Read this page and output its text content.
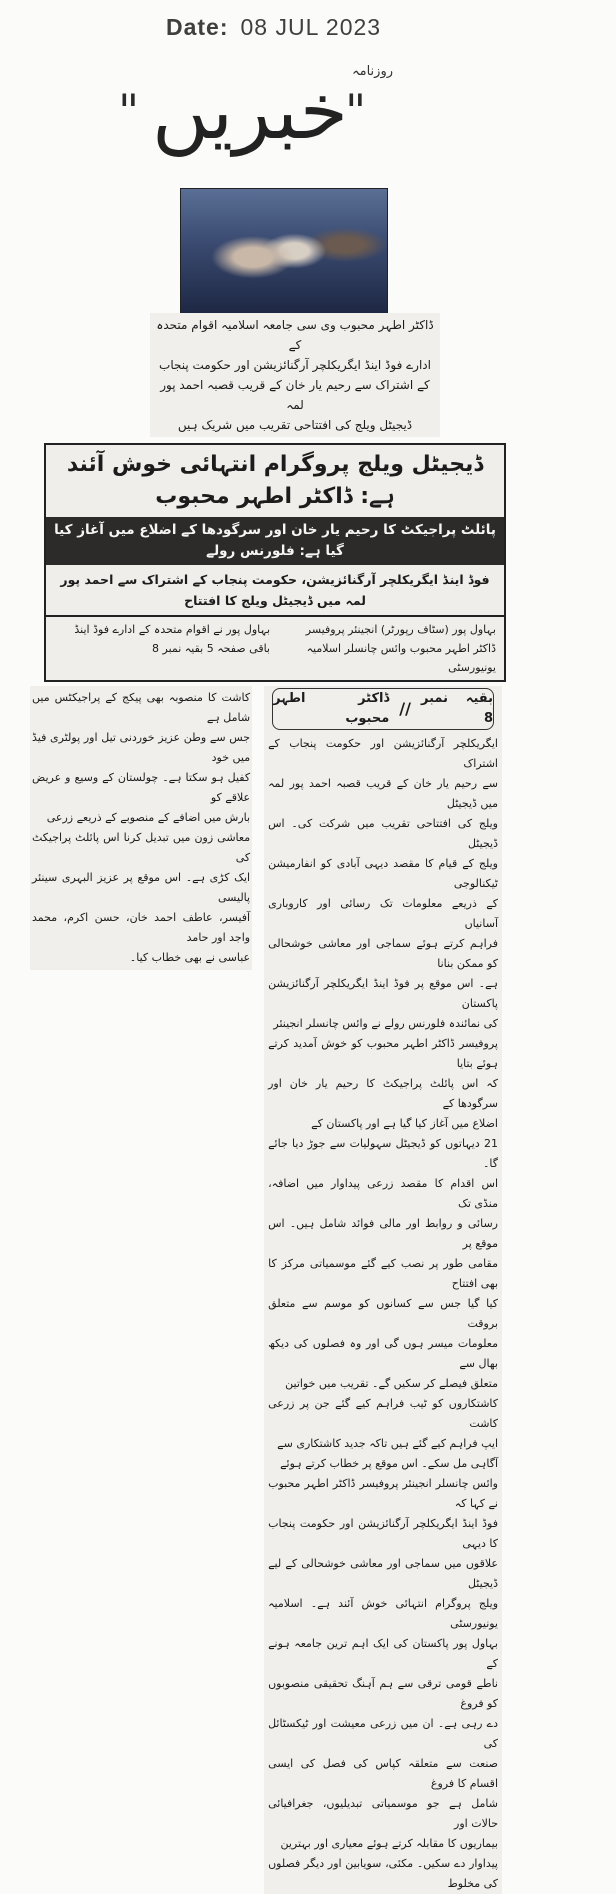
Date: 08 JUL 2023
" خبریں
"
روزنامہ
ڈاکٹر اطہر محبوب وی سی جامعہ اسلامیہ اقوام متحدہ کے
ادارے فوڈ اینڈ ایگریکلچر آرگنائزیشن اور حکومت پنجاب
کے اشتراک سے رحیم یار خان کے قریب قصبہ احمد پور لمہ
ڈیجیٹل ویلج کی افتتاحی تقریب میں شریک ہیں
ڈیجیٹل ویلج پروگرام انتہائی خوش آئند ہے: ڈاکٹر اطہر محبوب
پائلٹ پراجیکٹ کا رحیم یار خان اور سرگودھا کے اضلاع میں آغاز کیا گیا ہے: فلورنس رولے
فوڈ اینڈ ایگریکلچر آرگنائزیشن، حکومت پنجاب کے اشتراک سے احمد پور لمہ میں ڈیجیٹل ویلج کا افتتاح
بہاول پور (سٹاف رپورٹر) انجینئر پروفیسر
ڈاکٹر اطہر محبوب وائس چانسلر اسلامیہ یونیورسٹی
بہاول پور نے اقوام متحدہ کے ادارے فوڈ اینڈ
باقی صفحہ 5 بقیہ نمبر 8
بقیہ نمبر 8
//
ڈاکٹر اطہر محبوب
ایگریکلچر آرگنائزیشن اور حکومت پنجاب کے اشتراک
سے رحیم یار خان کے قریب قصبہ احمد پور لمہ میں ڈیجیٹل
ویلج کی افتتاحی تقریب میں شرکت کی۔ اس ڈیجیٹل
ویلج کے قیام کا مقصد دیہی آبادی کو انفارمیشن ٹیکنالوجی
کے ذریعے معلومات تک رسائی اور کاروباری آسانیاں
فراہم کرتے ہوئے سماجی اور معاشی خوشحالی کو ممکن بنانا
ہے۔ اس موقع پر فوڈ اینڈ ایگریکلچر آرگنائزیشن پاکستان
کی نمائندہ فلورنس رولے نے وائس چانسلر انجینئر
پروفیسر ڈاکٹر اطہر محبوب کو خوش آمدید کرتے ہوئے بتایا
کہ اس پائلٹ پراجیکٹ کا رحیم یار خان اور سرگودھا کے
اضلاع میں آغاز کیا گیا ہے اور پاکستان کے
21 دیہاتوں کو ڈیجیٹل سہولیات سے جوڑ دیا جائے گا۔
اس اقدام کا مقصد زرعی پیداوار میں اضافہ، منڈی تک
رسائی و روابط اور مالی فوائد شامل ہیں۔ اس موقع پر
مقامی طور پر نصب کیے گئے موسمیاتی مرکز کا بھی افتتاح
کیا گیا جس سے کسانوں کو موسم سے متعلق بروقت
معلومات میسر ہوں گی اور وہ فصلوں کی دیکھ بھال سے
متعلق فیصلے کر سکیں گے۔ تقریب میں خواتین
کاشتکاروں کو ٹیب فراہم کیے گئے جن پر زرعی کاشت
ایپ فراہم کیے گئے ہیں تاکہ جدید کاشتکاری سے
آگاہی مل سکے۔ اس موقع پر خطاب کرتے ہوئے
وائس چانسلر انجینئر پروفیسر ڈاکٹر اطہر محبوب نے کہا کہ
فوڈ اینڈ ایگریکلچر آرگنائزیشن اور حکومت پنجاب کا دیہی
علاقوں میں سماجی اور معاشی خوشحالی کے لیے ڈیجیٹل
ویلج پروگرام انتہائی خوش آئند ہے۔ اسلامیہ یونیورسٹی
بہاول پور پاکستان کی ایک اہم ترین جامعہ ہونے کے
ناطے قومی ترقی سے ہم آہنگ تحقیقی منصوبوں کو فروغ
دے رہی ہے۔ ان میں زرعی معیشت اور ٹیکسٹائل کی
صنعت سے متعلقہ کپاس کی فصل کی ایسی اقسام کا فروغ
شامل ہے جو موسمیاتی تبدیلیوں، جغرافیائی حالات اور
بیماریوں کا مقابلہ کرتے ہوئے معیاری اور بہترین
پیداوار دے سکیں۔ مکئی، سویابین اور دیگر فصلوں کی مخلوط
کاشت کا منصوبہ بھی پیکج کے پراجیکٹس میں شامل ہے
جس سے وطن عزیز خوردنی تیل اور پولٹری فیڈ میں خود
کفیل ہو سکتا ہے۔ چولستان کے وسیع و عریض علاقے کو
بارش میں اضافے کے منصوبے کے ذریعے زرعی
معاشی زون میں تبدیل کرنا اس پائلٹ پراجیکٹ کی
ایک کڑی ہے۔ اس موقع پر عزیز البہری سینئر پالیسی
آفیسر، عاطف احمد خان، حسن اکرم، محمد واجد اور حامد
عباسی نے بھی خطاب کیا۔
